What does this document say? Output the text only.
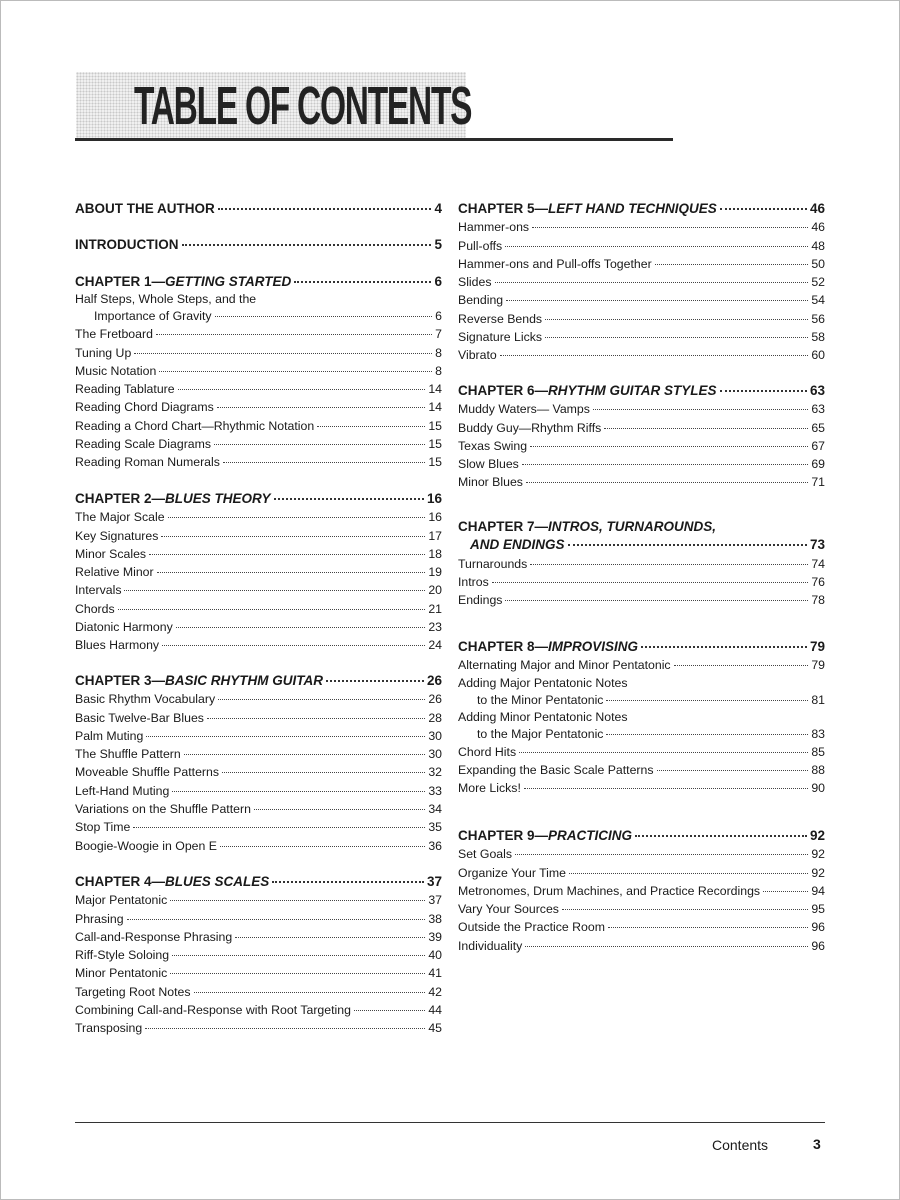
TABLE OF CONTENTS
ABOUT THE AUTHOR	4
INTRODUCTION	5
CHAPTER 1—GETTING STARTED	6
Half Steps, Whole Steps, and the
Importance of Gravity	6
The Fretboard	7
Tuning Up	8
Music Notation	8
Reading Tablature	14
Reading Chord Diagrams	14
Reading a Chord Chart—Rhythmic Notation	15
Reading Scale Diagrams	15
Reading Roman Numerals	15
CHAPTER 2—BLUES THEORY	16
The Major Scale	16
Key Signatures	17
Minor Scales	18
Relative Minor	19
Intervals	20
Chords	21
Diatonic Harmony	23
Blues Harmony	24
CHAPTER 3—BASIC RHYTHM GUITAR	26
Basic Rhythm Vocabulary	26
Basic Twelve-Bar Blues	28
Palm Muting	30
The Shuffle Pattern	30
Moveable Shuffle Patterns	32
Left-Hand Muting	33
Variations on the Shuffle Pattern	34
Stop Time	35
Boogie-Woogie in Open E	36
CHAPTER 4—BLUES SCALES	37
Major Pentatonic	37
Phrasing	38
Call-and-Response Phrasing	39
Riff-Style Soloing	40
Minor Pentatonic	41
Targeting Root Notes	42
Combining Call-and-Response with Root Targeting	44
Transposing	45
CHAPTER 5—LEFT HAND TECHNIQUES	46
Hammer-ons	46
Pull-offs	48
Hammer-ons and Pull-offs Together	50
Slides	52
Bending	54
Reverse Bends	56
Signature Licks	58
Vibrato	60
CHAPTER 6—RHYTHM GUITAR STYLES	63
Muddy Waters— Vamps	63
Buddy Guy—Rhythm Riffs	65
Texas Swing	67
Slow Blues	69
Minor Blues	71
CHAPTER 7—INTROS, TURNAROUNDS,
AND ENDINGS	73
Turnarounds	74
Intros	76
Endings	78
CHAPTER 8—IMPROVISING	79
Alternating Major and Minor Pentatonic	79
Adding Major Pentatonic Notes
to the Minor Pentatonic	81
Adding Minor Pentatonic Notes
to the Major Pentatonic	83
Chord Hits	85
Expanding the Basic Scale Patterns	88
More Licks!	90
CHAPTER 9—PRACTICING	92
Set Goals	92
Organize Your Time	92
Metronomes, Drum Machines, and Practice Recordings	94
Vary Your Sources	95
Outside the Practice Room	96
Individuality	96
Contents	3
